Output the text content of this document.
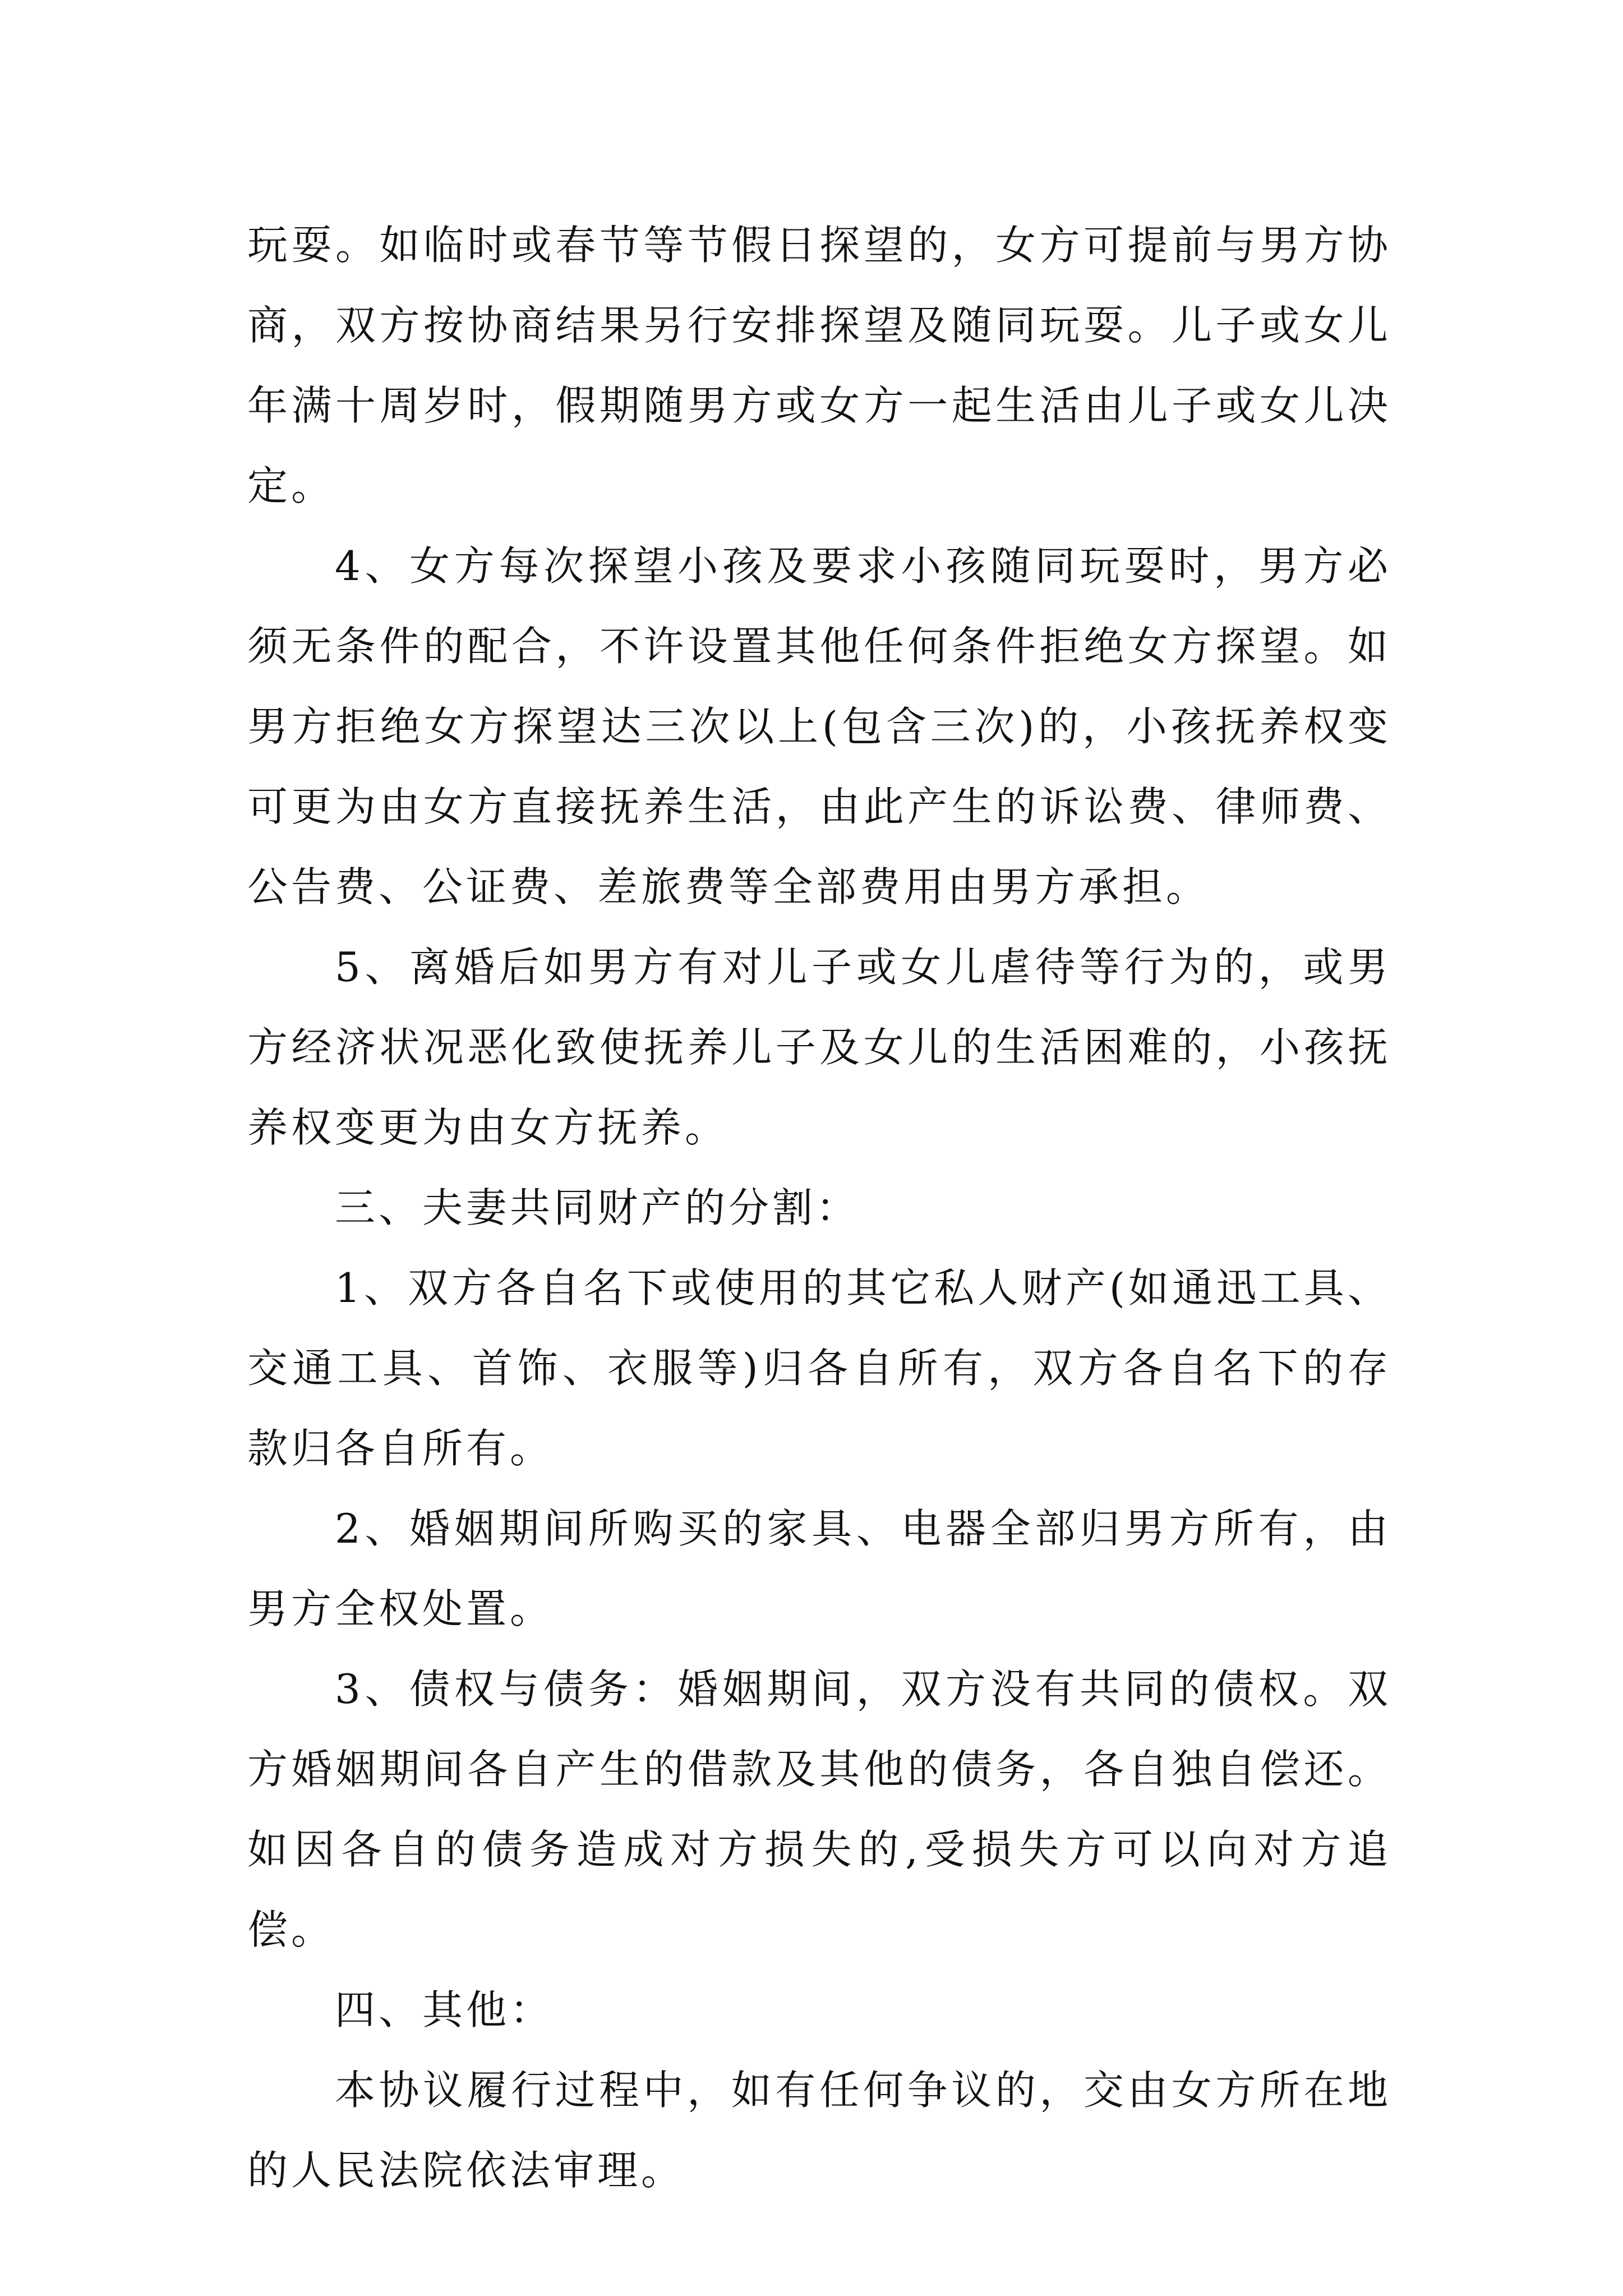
玩耍。如临时或春节等节假日探望的，女方可提前与男方协商，双方按协商结果另行安排探望及随同玩耍。儿子或女儿年满十周岁时，假期随男方或女方一起生活由儿子或女儿决定。

4、女方每次探望小孩及要求小孩随同玩耍时，男方必须无条件的配合，不许设置其他任何条件拒绝女方探望。如男方拒绝女方探望达三次以上(包含三次)的，小孩抚养权变可更为由女方直接抚养生活，由此产生的诉讼费、律师费、公告费、公证费、差旅费等全部费用由男方承担。

5、离婚后如男方有对儿子或女儿虐待等行为的，或男方经济状况恶化致使抚养儿子及女儿的生活困难的，小孩抚养权变更为由女方抚养。

三、夫妻共同财产的分割：

1、双方各自名下或使用的其它私人财产(如通迅工具、交通工具、首饰、衣服等)归各自所有，双方各自名下的存款归各自所有。

2、婚姻期间所购买的家具、电器全部归男方所有，由男方全权处置。

3、债权与债务：婚姻期间，双方没有共同的债权。双方婚姻期间各自产生的借款及其他的债务，各自独自偿还。如因各自的债务造成对方损失的,受损失方可以向对方追偿。

四、其他：

本协议履行过程中，如有任何争议的，交由女方所在地的人民法院依法审理。
